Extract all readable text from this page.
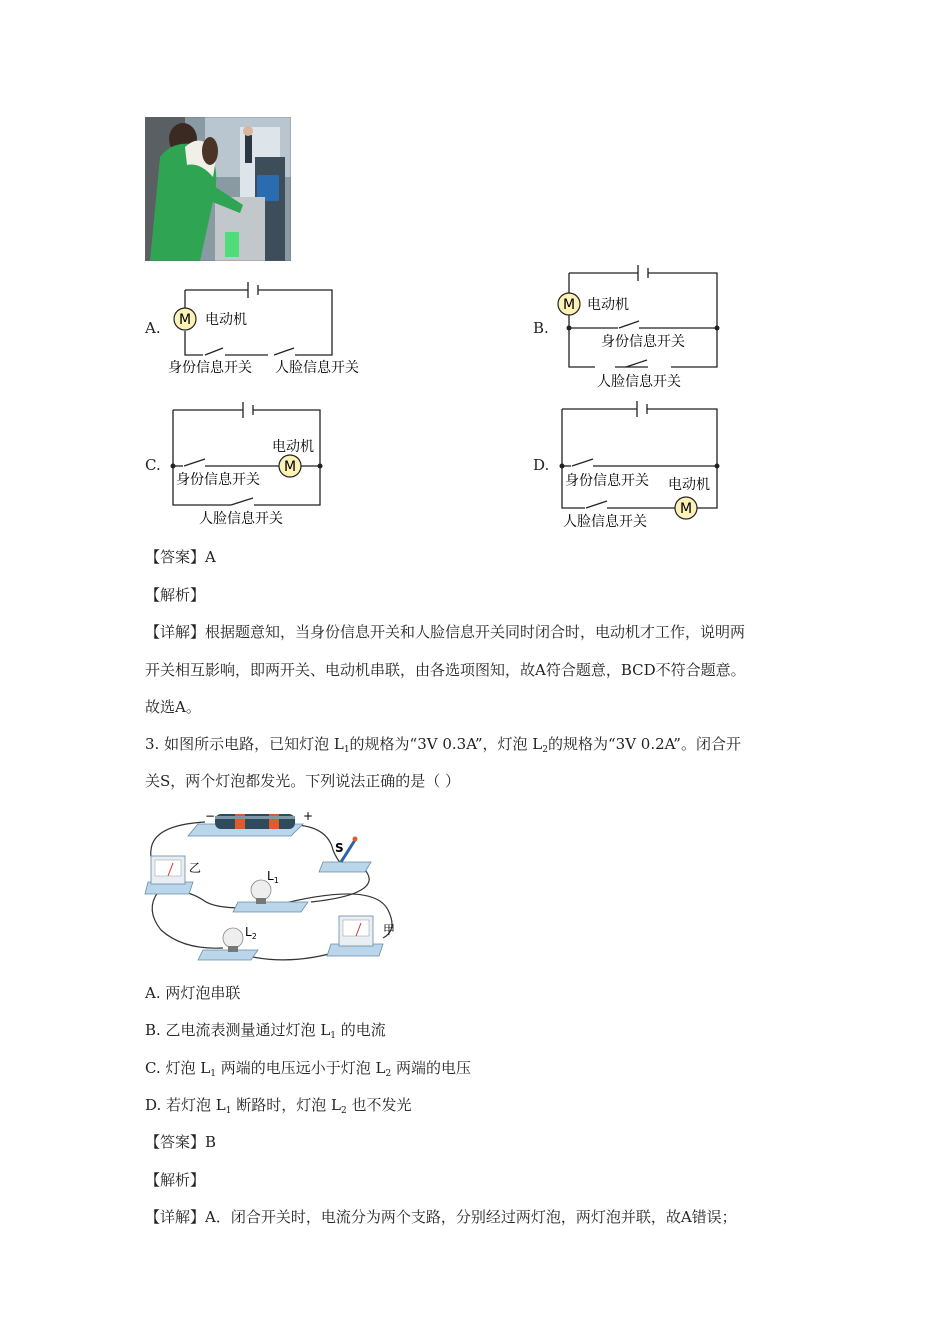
A. M 电动机
身份信息开关 人脸信息开关
B.
M 电动机
身份信息开关
人脸信息开关
C.	M
电动机
身份信息开关
人脸信息开关
D.
M
电动机
身份信息开关
人脸信息开关
【答案】A
【解析】
【详解】根据题意知，当身份信息开关和人脸信息开关同时闭合时，电动机才工作，说明两
开关相互影响，即两开关、电动机串联，由各选项图知，故A符合题意，BCD不符合题意。
故选A。
3. 如图所示电路，已知灯泡 $L_1$的规格为“3V 0.3A”，灯泡 $L_2$的规格为“3V 0.2A”。闭合开
关S，两个灯泡都发光。下列说法正确的是（ ）
−	+
S
乙
$L_1$
$L_2$	甲
A. 两灯泡串联
B. 乙电流表测量通过灯泡 $L_1$ 的电流
C. 灯泡 $L_1$ 两端的电压远小于灯泡 $L_2$ 两端的电压
D. 若灯泡 $L_1$ 断路时，灯泡 $L_2$ 也不发光
【答案】B
【解析】
【详解】A．闭合开关时，电流分为两个支路，分别经过两灯泡，两灯泡并联，故A错误；
